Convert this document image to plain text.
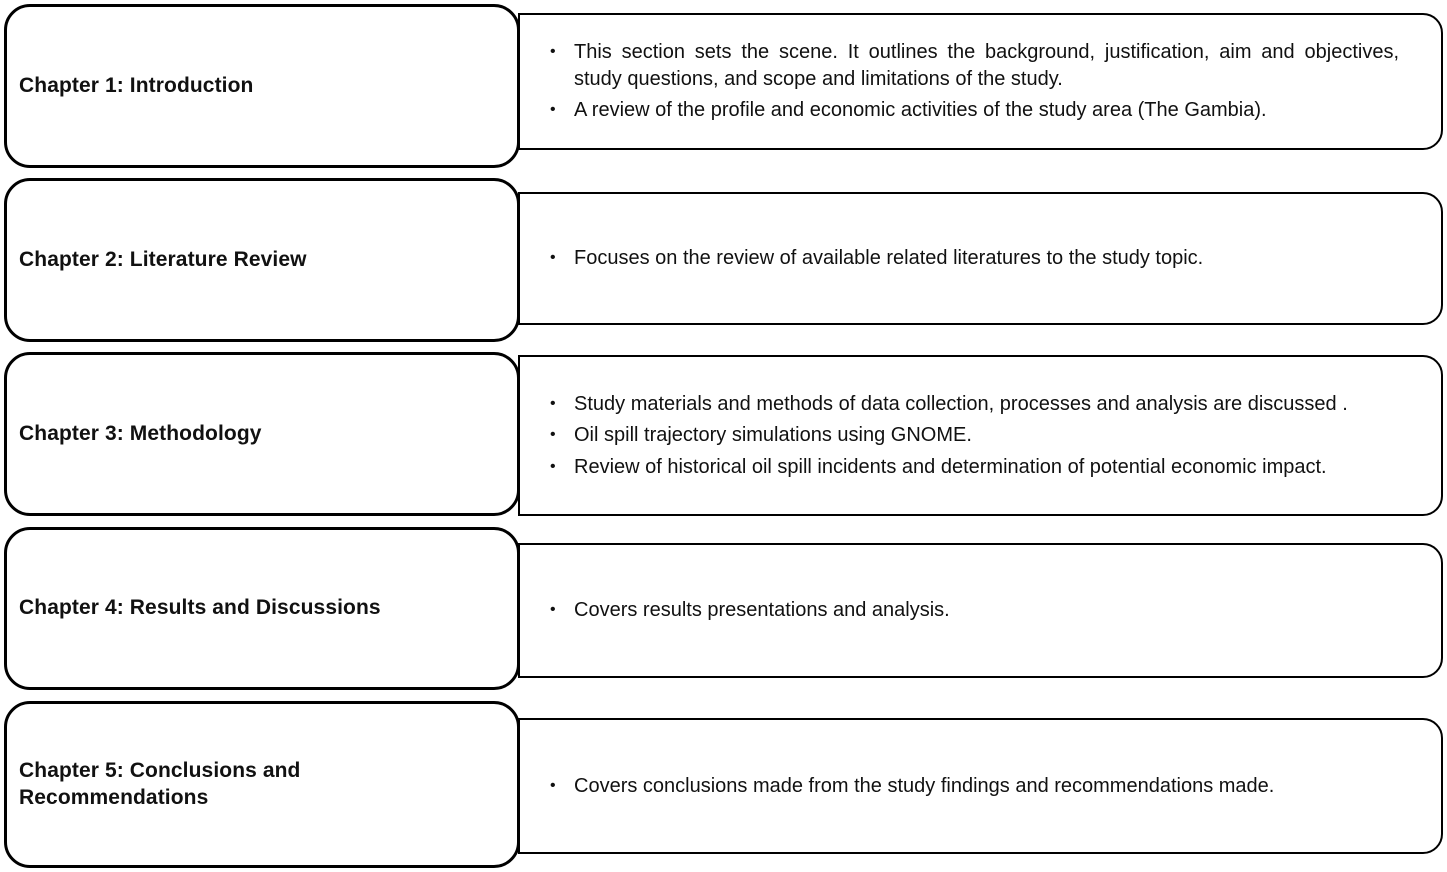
• This section sets the scene. It outlines the background, justification, aim and objectives, study questions, and scope and limitations of the study.
• A review of the profile and economic activities of the study area (The Gambia).
Chapter 1: Introduction
• Focuses on the review of available related literatures to the study topic.
Chapter 2: Literature Review
• Study materials and methods of data collection, processes and analysis are discussed .
• Oil spill trajectory simulations using GNOME.
• Review of historical oil spill incidents and determination of potential economic impact.
Chapter 3: Methodology
• Covers results presentations and analysis.
Chapter 4: Results and Discussions
• Covers conclusions made from the study findings and recommendations made.
Chapter 5: Conclusions and Recommendations
